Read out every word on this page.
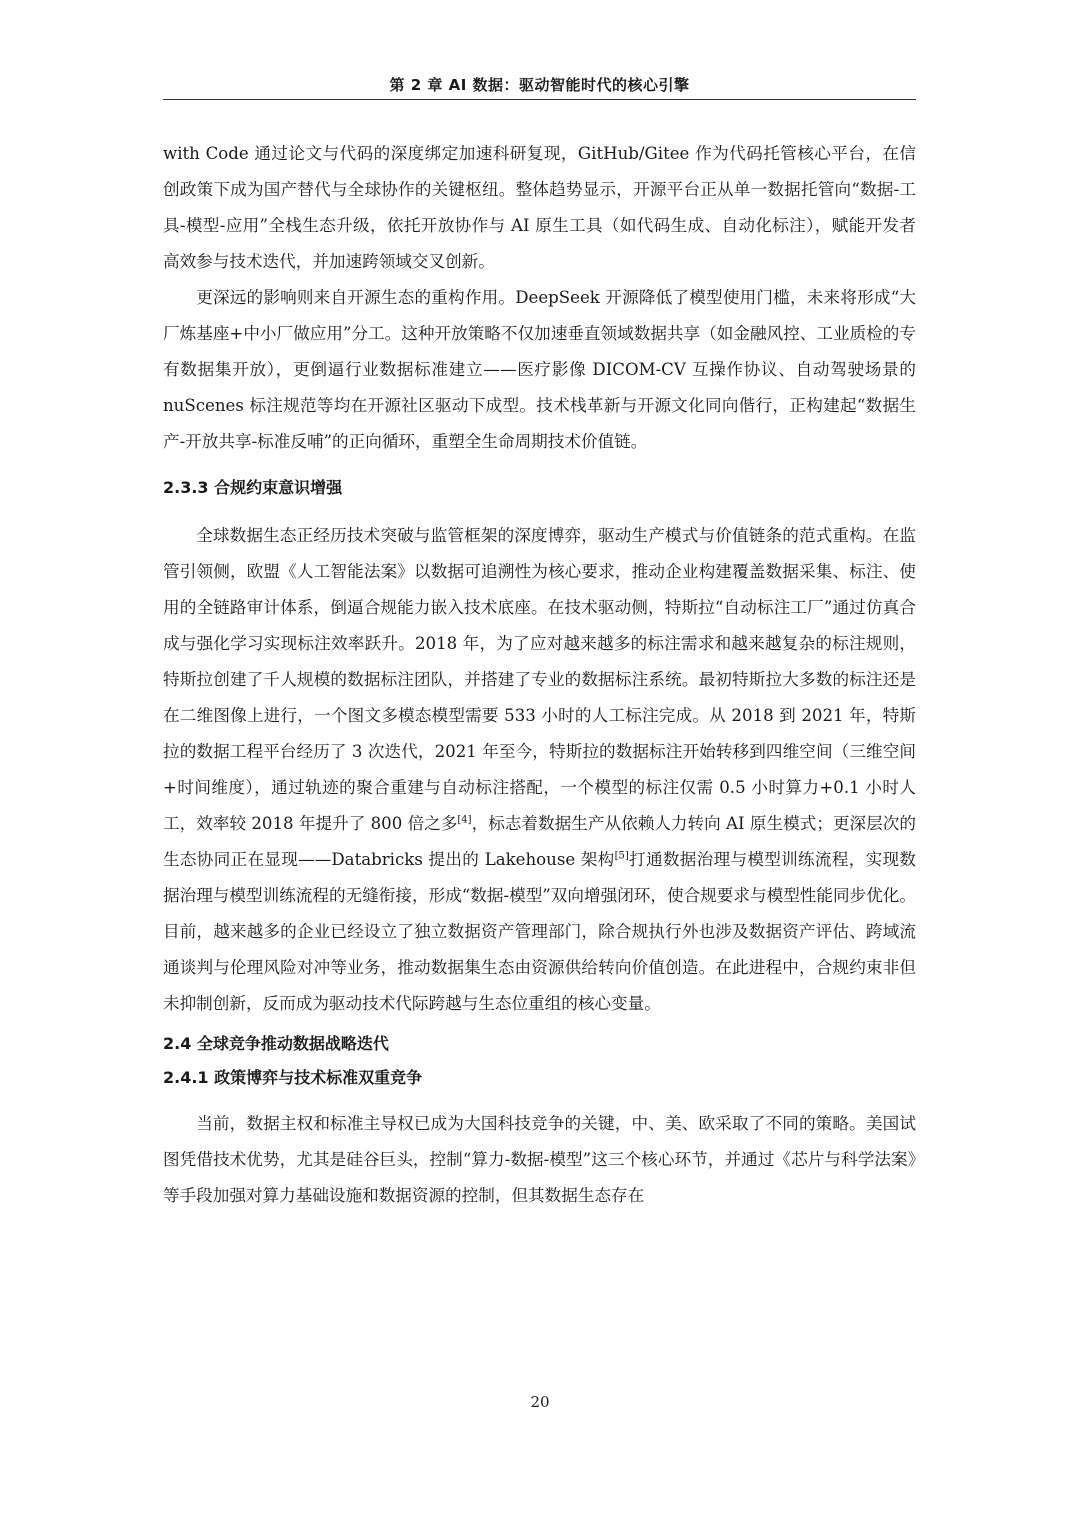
第 2 章 AI 数据：驱动智能时代的核心引擎

with Code 通过论文与代码的深度绑定加速科研复现，GitHub/Gitee 作为代码托管核心平台，在信创政策下成为国产替代与全球协作的关键枢纽。整体趋势显示，开源平台正从单一数据托管向“数据-工具-模型-应用”全栈生态升级，依托开放协作与 AI 原生工具（如代码生成、自动化标注），赋能开发者高效参与技术迭代，并加速跨领域交叉创新。

更深远的影响则来自开源生态的重构作用。DeepSeek 开源降低了模型使用门槛，未来将形成“大厂炼基座+中小厂做应用”分工。这种开放策略不仅加速垂直领域数据共享（如金融风控、工业质检的专有数据集开放），更倒逼行业数据标准建立——医疗影像 DICOM-CV 互操作协议、自动驾驶场景的 nuScenes 标注规范等均在开源社区驱动下成型。技术栈革新与开源文化同向偕行，正构建起“数据生产-开放共享-标准反哺”的正向循环，重塑全生命周期技术价值链。

2.3.3 合规约束意识增强

全球数据生态正经历技术突破与监管框架的深度博弈，驱动生产模式与价值链条的范式重构。在监管引领侧，欧盟《人工智能法案》以数据可追溯性为核心要求，推动企业构建覆盖数据采集、标注、使用的全链路审计体系，倒逼合规能力嵌入技术底座。在技术驱动侧，特斯拉“自动标注工厂”通过仿真合成与强化学习实现标注效率跃升。2018 年，为了应对越来越多的标注需求和越来越复杂的标注规则，特斯拉创建了千人规模的数据标注团队，并搭建了专业的数据标注系统。最初特斯拉大多数的标注还是在二维图像上进行，一个图文多模态模型需要 533 小时的人工标注完成。从 2018 到 2021 年，特斯拉的数据工程平台经历了 3 次迭代，2021 年至今，特斯拉的数据标注开始转移到四维空间（三维空间+时间维度），通过轨迹的聚合重建与自动标注搭配，一个模型的标注仅需 0.5 小时算力+0.1 小时人工，效率较 2018 年提升了 800 倍之多[4]，标志着数据生产从依赖人力转向 AI 原生模式；更深层次的生态协同正在显现——Databricks 提出的 Lakehouse 架构[5]打通数据治理与模型训练流程，实现数据治理与模型训练流程的无缝衔接，形成“数据-模型”双向增强闭环，使合规要求与模型性能同步优化。目前，越来越多的企业已经设立了独立数据资产管理部门，除合规执行外也涉及数据资产评估、跨域流通谈判与伦理风险对冲等业务，推动数据集生态由资源供给转向价值创造。在此进程中，合规约束非但未抑制创新，反而成为驱动技术代际跨越与生态位重组的核心变量。

2.4 全球竞争推动数据战略迭代
2.4.1 政策博弈与技术标准双重竞争

当前，数据主权和标准主导权已成为大国科技竞争的关键，中、美、欧采取了不同的策略。美国试图凭借技术优势，尤其是硅谷巨头，控制“算力-数据-模型”这三个核心环节，并通过《芯片与科学法案》等手段加强对算力基础设施和数据资源的控制，但其数据生态存在

20
